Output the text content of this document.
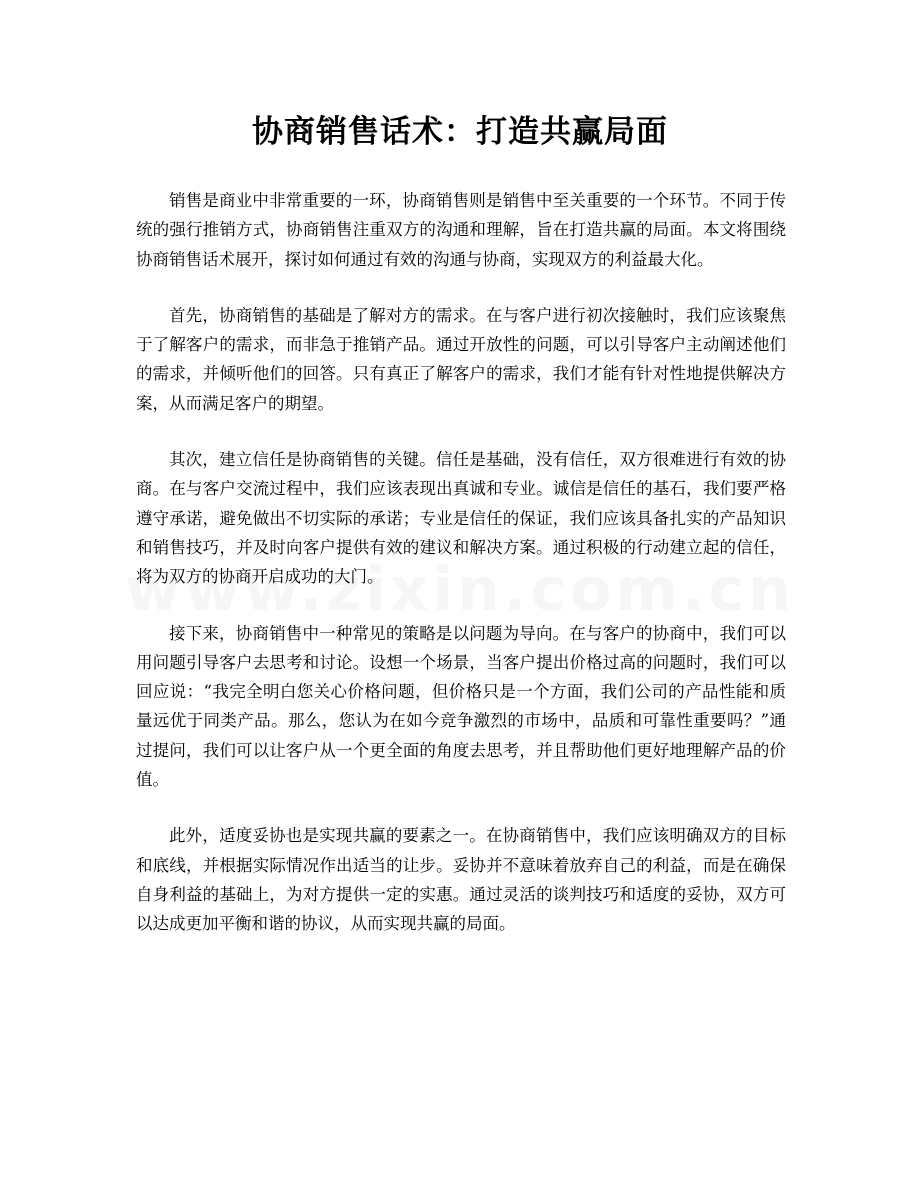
协商销售话术：打造共赢局面

销售是商业中非常重要的一环，协商销售则是销售中至关重要的一个环节。不同于传统的强行推销方式，协商销售注重双方的沟通和理解，旨在打造共赢的局面。本文将围绕协商销售话术展开，探讨如何通过有效的沟通与协商，实现双方的利益最大化。

首先，协商销售的基础是了解对方的需求。在与客户进行初次接触时，我们应该聚焦于了解客户的需求，而非急于推销产品。通过开放性的问题，可以引导客户主动阐述他们的需求，并倾听他们的回答。只有真正了解客户的需求，我们才能有针对性地提供解决方案，从而满足客户的期望。

其次，建立信任是协商销售的关键。信任是基础，没有信任，双方很难进行有效的协商。在与客户交流过程中，我们应该表现出真诚和专业。诚信是信任的基石，我们要严格遵守承诺，避免做出不切实际的承诺；专业是信任的保证，我们应该具备扎实的产品知识和销售技巧，并及时向客户提供有效的建议和解决方案。通过积极的行动建立起的信任，将为双方的协商开启成功的大门。

接下来，协商销售中一种常见的策略是以问题为导向。在与客户的协商中，我们可以用问题引导客户去思考和讨论。设想一个场景，当客户提出价格过高的问题时，我们可以回应说：“我完全明白您关心价格问题，但价格只是一个方面，我们公司的产品性能和质量远优于同类产品。那么，您认为在如今竞争激烈的市场中，品质和可靠性重要吗？”通过提问，我们可以让客户从一个更全面的角度去思考，并且帮助他们更好地理解产品的价值。

此外，适度妥协也是实现共赢的要素之一。在协商销售中，我们应该明确双方的目标和底线，并根据实际情况作出适当的让步。妥协并不意味着放弃自己的利益，而是在确保自身利益的基础上，为对方提供一定的实惠。通过灵活的谈判技巧和适度的妥协，双方可以达成更加平衡和谐的协议，从而实现共赢的局面。
